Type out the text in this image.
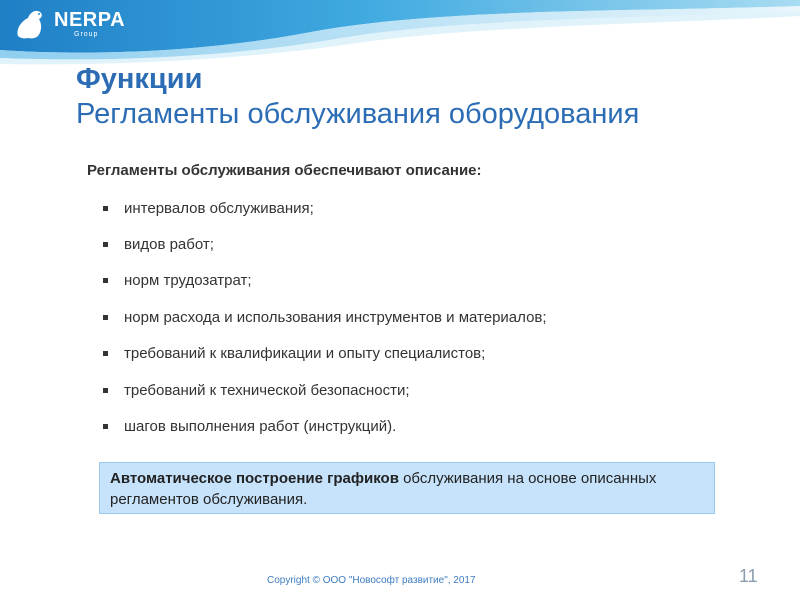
NERPA
Group
Функции
Регламенты обслуживания оборудования
Регламенты обслуживания обеспечивают описание:
интервалов обслуживания;
видов работ;
норм трудозатрат;
норм расхода и использования инструментов и материалов;
требований к квалификации и опыту специалистов;
требований к технической безопасности;
шагов выполнения работ (инструкций).
Автоматическое построение графиков обслуживания на основе описанных регламентов обслуживания.
Copyright © ООО "Новософт развитие", 2017	11
